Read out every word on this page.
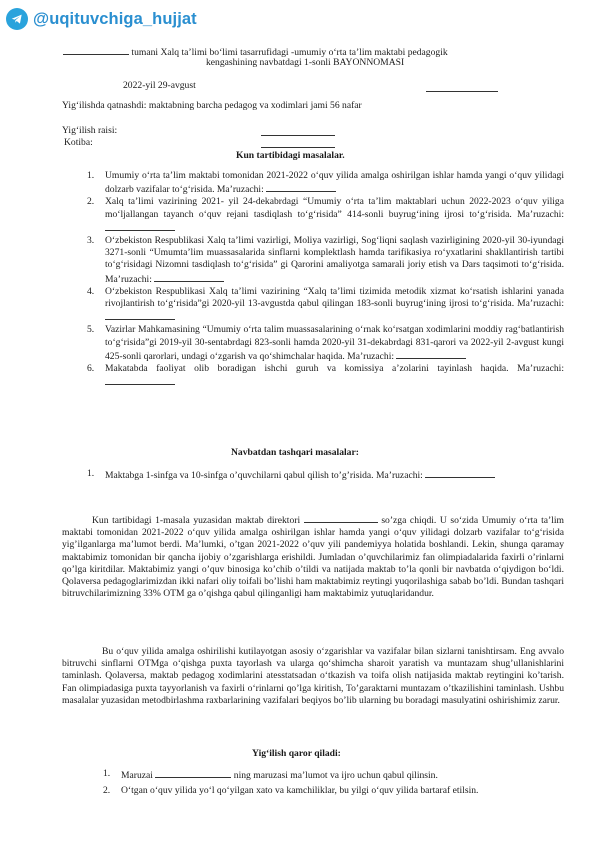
@uqituvchiga_hujjat
tumani Xalq ta’limi bo‘limi tasarrufidagi -umumiy o‘rta ta’lim maktabi pedagogik
kengashining navbatdagi 1-sonli BAYONNOMASI
2022-yil 29-avgust
Yig‘ilishda qatnashdi: maktabning barcha pedagog va xodimlari jami 56 nafar
Yig‘ilish raisi:
Kotiba:
Kun tartibidagi masalalar.
1. Umumiy o‘rta ta’lim maktabi tomonidan 2021-2022 o‘quv yilida amalga oshirilgan ishlar hamda yangi o‘quv yilidagi dolzarb vazifalar to‘g‘risida. Ma’ruzachi:
2. Xalq ta’limi vazirining 2021- yil 24-dekabrdagi “Umumiy o‘rta ta’lim maktablari uchun 2022-2023 o‘quv yiliga mo‘ljallangan tayanch o‘quv rejani tasdiqlash to‘g‘risida” 414-sonli buyrug‘ining ijrosi to‘g‘risida. Ma’ruzachi:
3. O‘zbekiston Respublikasi Xalq ta’limi vazirligi, Moliya vazirligi, Sog‘liqni saqlash vazirligining 2020-yil 30-iyundagi 3271-sonli “Umumta’lim muassasalarida sinflarni komplektlash hamda tarifikasiya ro‘yxatlarini shakllantirish tartibi to‘g‘risidagi Nizomni tasdiqlash to‘g‘risida” gi Qarorini amaliyotga samarali joriy etish va Dars taqsimoti to‘g‘risida. Ma’ruzachi:
4. O‘zbekiston Respublikasi Xalq ta’limi vazirining “Xalq ta’limi tizimida metodik xizmat ko‘rsatish ishlarini yanada rivojlantirish to‘g‘risida”gi 2020-yil 13-avgustda qabul qilingan 183-sonli buyrug‘ining ijrosi to‘g‘risida. Ma’ruzachi:
5. Vazirlar Mahkamasining “Umumiy o‘rta talim muassasalarining o‘rnak ko‘rsatgan xodimlarini moddiy rag‘batlantirish to‘g‘risida”gi 2019-yil 30-sentabrdagi 823-sonli hamda 2020-yil 31-dekabrdagi 831-qarori va 2022-yil 2-avgust kungi 425-sonli qarorlari, undagi o‘zgarish va qo‘shimchalar haqida. Ma’ruzachi:
6. Makatabda faoliyat olib boradigan ishchi guruh va komissiya a’zolarini tayinlash haqida. Ma’ruzachi:
Navbatdan tashqari masalalar:
1. Maktabga 1-sinfga va 10-sinfga o’quvchilarni qabul qilish to’g’risida. Ma’ruzachi:
Kun tartibidagi 1-masala yuzasidan maktab direktori	so’zga chiqdi. U so‘zida Umumiy o‘rta ta’lim maktabi tomonidan 2021-2022 o‘quv yilida amalga oshirilgan ishlar hamda yangi o‘quv yilidagi dolzarb vazifalar to‘g‘risida yig’ilganlarga ma’lumot berdi. Ma’lumki, o’tgan 2021-2022 o’quv yili pandemiyya holatida boshlandi. Lekin, shunga qaramay maktabimiz tomonidan bir qancha ijobiy o’zgarishlarga erishildi. Jumladan o’quvchilarimiz fan olimpiadalarida faxirli o’rinlarni qo’lga kiritdilar. Maktabimiz yangi o’quv binosiga ko’chib o’tildi va natijada maktab to’la qonli bir navbatda o‘qiydigon bo‘ldi. Qolaversa pedagoglarimizdan ikki nafari oliy toifali bo’lishi ham maktabimiz reytingi yuqorilashiga sabab bo’ldi. Bundan tashqari bitruvchilarimizning 33% OTM ga o’qishga qabul qilinganligi ham maktabimiz yutuqlaridandur.
Bu o‘quv yilida amalga oshirilishi kutilayotgan asosiy o‘zgarishlar va vazifalar bilan sizlarni tanishtirsam. Eng avvalo bitruvchi sinflarni OTMga o‘qishga puxta tayorlash va ularga qo‘shimcha sharoit yaratish va muntazam shug’ullanishlarini taminlash. Qolaversa, maktab pedagog xodimlarini atesstatsadan o‘tkazish va toifa olish natijasida maktab reytingini ko’tarish. Fan olimpiadasiga puxta tayyorlanish va faxirli o‘rinlarni qo’lga kiritish, To’garaktarni muntazam o’tkazilishini taminlash. Ushbu masalalar yuzasidan metodbirlashma raxbarlarining vazifalari beqiyos bo’lib ularning bu boradagi masulyatini oshirishimiz zarur.
Yig‘ilish qaror qiladi:
1. Maruzai	ning maruzasi ma’lumot va ijro uchun qabul qilinsin.
2. O‘tgan o‘quv yilida yo‘l qo‘yilgan xato va kamchiliklar, bu yilgi o‘quv yilida bartaraf etilsin.
